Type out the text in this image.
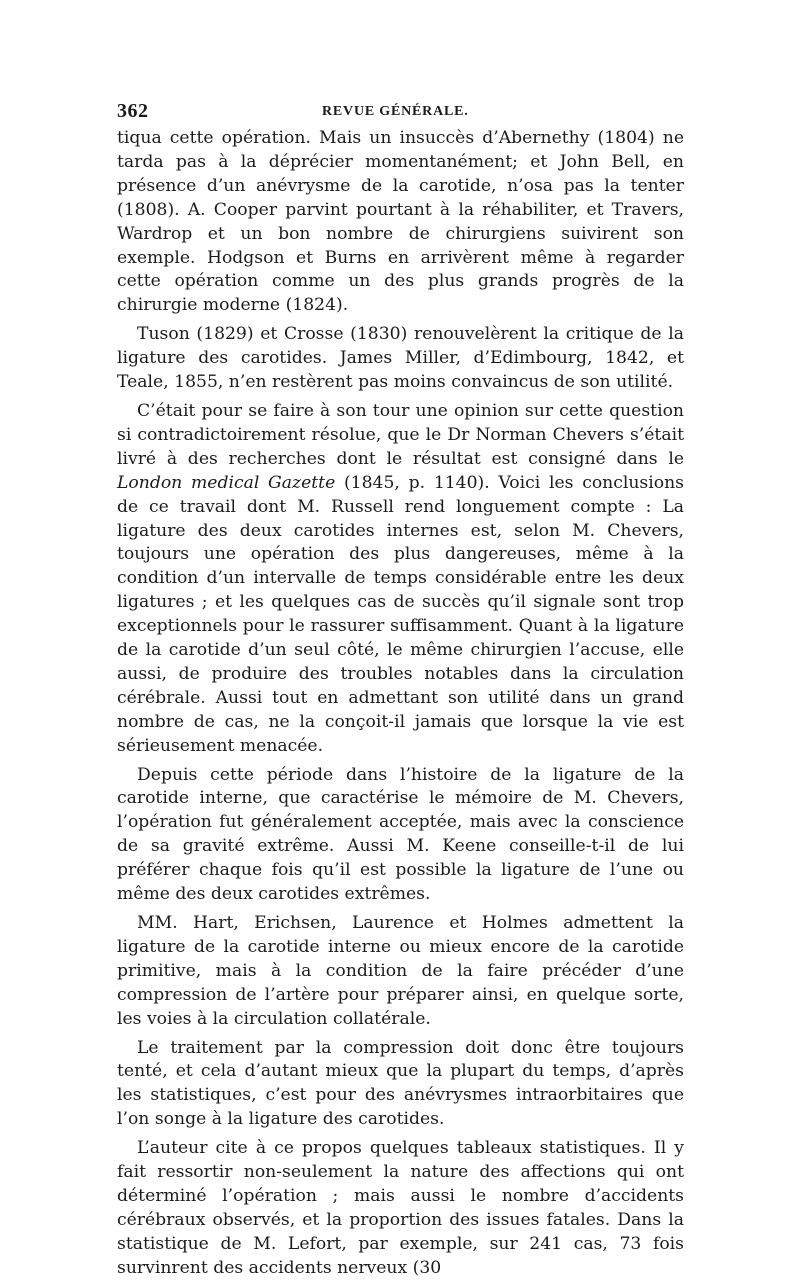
362	REVUE GÉNÉRALE.

tiqua cette opération. Mais un insuccès d’Abernethy (1804) ne tarda pas à la déprécier momentanément; et John Bell, en présence d’un anévrysme de la carotide, n’osa pas la tenter (1808). A. Cooper parvint pourtant à la réhabiliter, et Travers, Wardrop et un bon nombre de chirurgiens suivirent son exemple. Hodgson et Burns en arrivèrent même à regarder cette opération comme un des plus grands progrès de la chirurgie moderne (1824).

Tuson (1829) et Crosse (1830) renouvelèrent la critique de la ligature des carotides. James Miller, d’Edimbourg, 1842, et Teale, 1855, n’en restèrent pas moins convaincus de son utilité.

C’était pour se faire à son tour une opinion sur cette question si contradictoirement résolue, que le Dr Norman Chevers s’était livré à des recherches dont le résultat est consigné dans le London medical Gazette (1845, p. 1140). Voici les conclusions de ce travail dont M. Russell rend longuement compte : La ligature des deux carotides internes est, selon M. Chevers, toujours une opération des plus dangereuses, même à la condition d’un intervalle de temps considérable entre les deux ligatures ; et les quelques cas de succès qu’il signale sont trop exceptionnels pour le rassurer suffisamment. Quant à la ligature de la carotide d’un seul côté, le même chirurgien l’accuse, elle aussi, de produire des troubles notables dans la circulation cérébrale. Aussi tout en admettant son utilité dans un grand nombre de cas, ne la conçoit-il jamais que lorsque la vie est sérieusement menacée.

Depuis cette période dans l’histoire de la ligature de la carotide interne, que caractérise le mémoire de M. Chevers, l’opération fut généralement acceptée, mais avec la conscience de sa gravité extrême. Aussi M. Keene conseille-t-il de lui préférer chaque fois qu’il est possible la ligature de l’une ou même des deux carotides extrêmes.

MM. Hart, Erichsen, Laurence et Holmes admettent la ligature de la carotide interne ou mieux encore de la carotide primitive, mais à la condition de la faire précéder d’une compression de l’artère pour préparer ainsi, en quelque sorte, les voies à la circulation collatérale.

Le traitement par la compression doit donc être toujours tenté, et cela d’autant mieux que la plupart du temps, d’après les statistiques, c’est pour des anévrysmes intraorbitaires que l’on songe à la ligature des carotides.

L’auteur cite à ce propos quelques tableaux statistiques. Il y fait ressortir non-seulement la nature des affections qui ont déterminé l’opération ; mais aussi le nombre d’accidents cérébraux observés, et la proportion des issues fatales. Dans la statistique de M. Lefort, par exemple, sur 241 cas, 73 fois survinrent des accidents nerveux (30
